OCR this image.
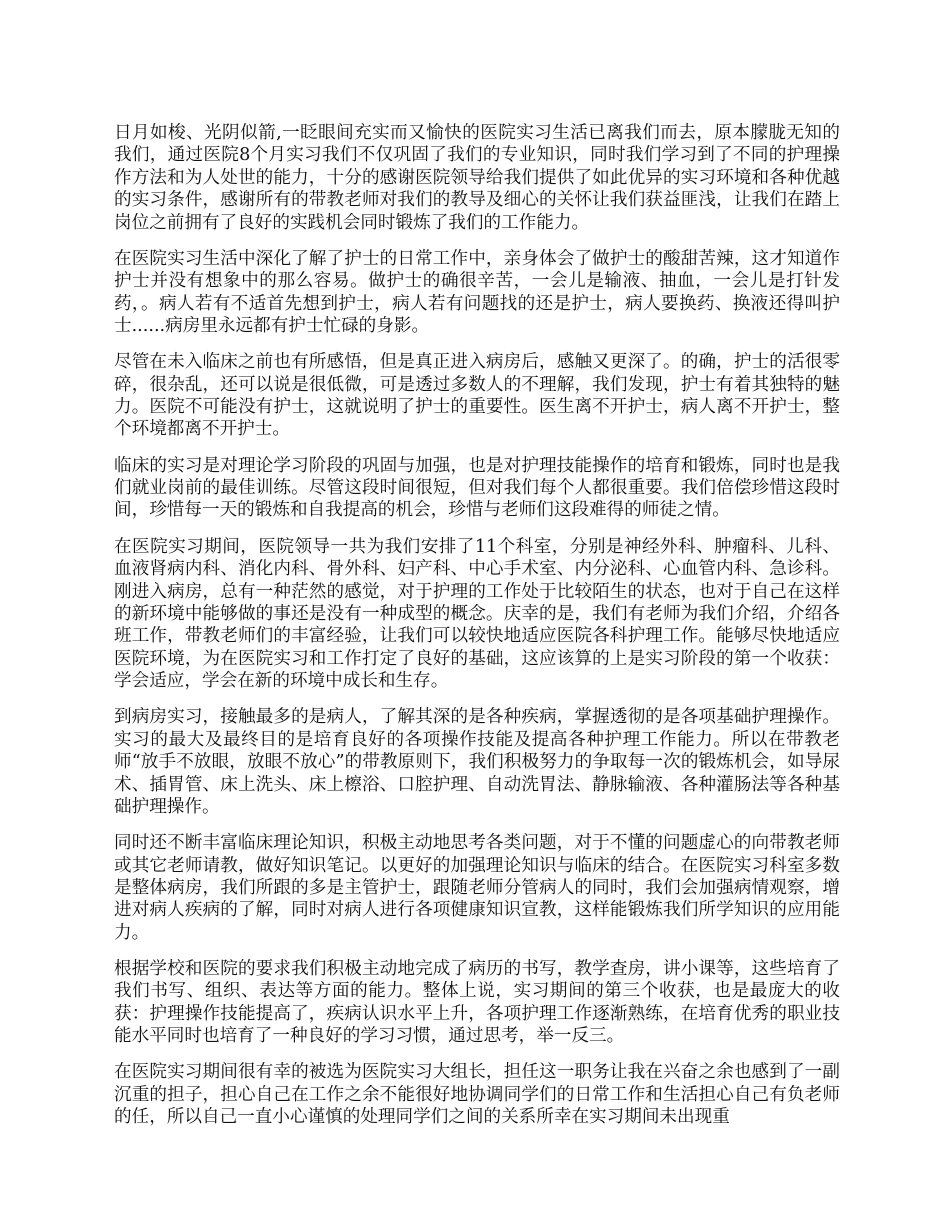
日月如梭、光阴似箭,一眨眼间充实而又愉快的医院实习生活已离我们而去，原本朦胧无知的我们，通过医院8个月实习我们不仅巩固了我们的专业知识，同时我们学习到了不同的护理操作方法和为人处世的能力，十分的感谢医院领导给我们提供了如此优异的实习环境和各种优越的实习条件，感谢所有的带教老师对我们的教导及细心的关怀让我们获益匪浅，让我们在踏上岗位之前拥有了良好的实践机会同时锻炼了我们的工作能力。

在医院实习生活中深化了解了护士的日常工作中，亲身体会了做护士的酸甜苦辣，这才知道作护士并没有想象中的那么容易。做护士的确很辛苦，一会儿是输液、抽血，一会儿是打针发药，。病人若有不适首先想到护士，病人若有问题找的还是护士，病人要换药、换液还得叫护士......病房里永远都有护士忙碌的身影。

尽管在未入临床之前也有所感悟，但是真正进入病房后，感触又更深了。的确，护士的活很零碎，很杂乱，还可以说是很低微，可是透过多数人的不理解，我们发现，护士有着其独特的魅力。医院不可能没有护士，这就说明了护士的重要性。医生离不开护士，病人离不开护士，整个环境都离不开护士。

临床的实习是对理论学习阶段的巩固与加强，也是对护理技能操作的培育和锻炼，同时也是我们就业岗前的最佳训练。尽管这段时间很短，但对我们每个人都很重要。我们倍偿珍惜这段时间，珍惜每一天的锻炼和自我提高的机会，珍惜与老师们这段难得的师徒之情。

在医院实习期间，医院领导一共为我们安排了11个科室，分别是神经外科、肿瘤科、儿科、血液肾病内科、消化内科、骨外科、妇产科、中心手术室、内分泌科、心血管内科、急诊科。刚进入病房，总有一种茫然的感觉，对于护理的工作处于比较陌生的状态，也对于自己在这样的新环境中能够做的事还是没有一种成型的概念。庆幸的是，我们有老师为我们介绍，介绍各班工作，带教老师们的丰富经验，让我们可以较快地适应医院各科护理工作。能够尽快地适应医院环境，为在医院实习和工作打定了良好的基础，这应该算的上是实习阶段的第一个收获：学会适应，学会在新的环境中成长和生存。

到病房实习，接触最多的是病人，了解其深的是各种疾病，掌握透彻的是各项基础护理操作。实习的最大及最终目的是培育良好的各项操作技能及提高各种护理工作能力。所以在带教老师“放手不放眼，放眼不放心”的带教原则下，我们积极努力的争取每一次的锻炼机会，如导尿术、插胃管、床上洗头、床上檫浴、口腔护理、自动洗胃法、静脉输液、各种灌肠法等各种基础护理操作。

同时还不断丰富临床理论知识，积极主动地思考各类问题，对于不懂的问题虚心的向带教老师或其它老师请教，做好知识笔记。以更好的加强理论知识与临床的结合。在医院实习科室多数是整体病房，我们所跟的多是主管护士，跟随老师分管病人的同时，我们会加强病情观察，增进对病人疾病的了解，同时对病人进行各项健康知识宣教，这样能锻炼我们所学知识的应用能力。

根据学校和医院的要求我们积极主动地完成了病历的书写，教学查房，讲小课等，这些培育了我们书写、组织、表达等方面的能力。整体上说，实习期间的第三个收获，也是最庞大的收获：护理操作技能提高了，疾病认识水平上升，各项护理工作逐渐熟练，在培育优秀的职业技能水平同时也培育了一种良好的学习习惯，通过思考，举一反三。

在医院实习期间很有幸的被选为医院实习大组长，担任这一职务让我在兴奋之余也感到了一副沉重的担子，担心自己在工作之余不能很好地协调同学们的日常工作和生活担心自己有负老师的任，所以自己一直小心谨慎的处理同学们之间的关系所幸在实习期间未出现重
